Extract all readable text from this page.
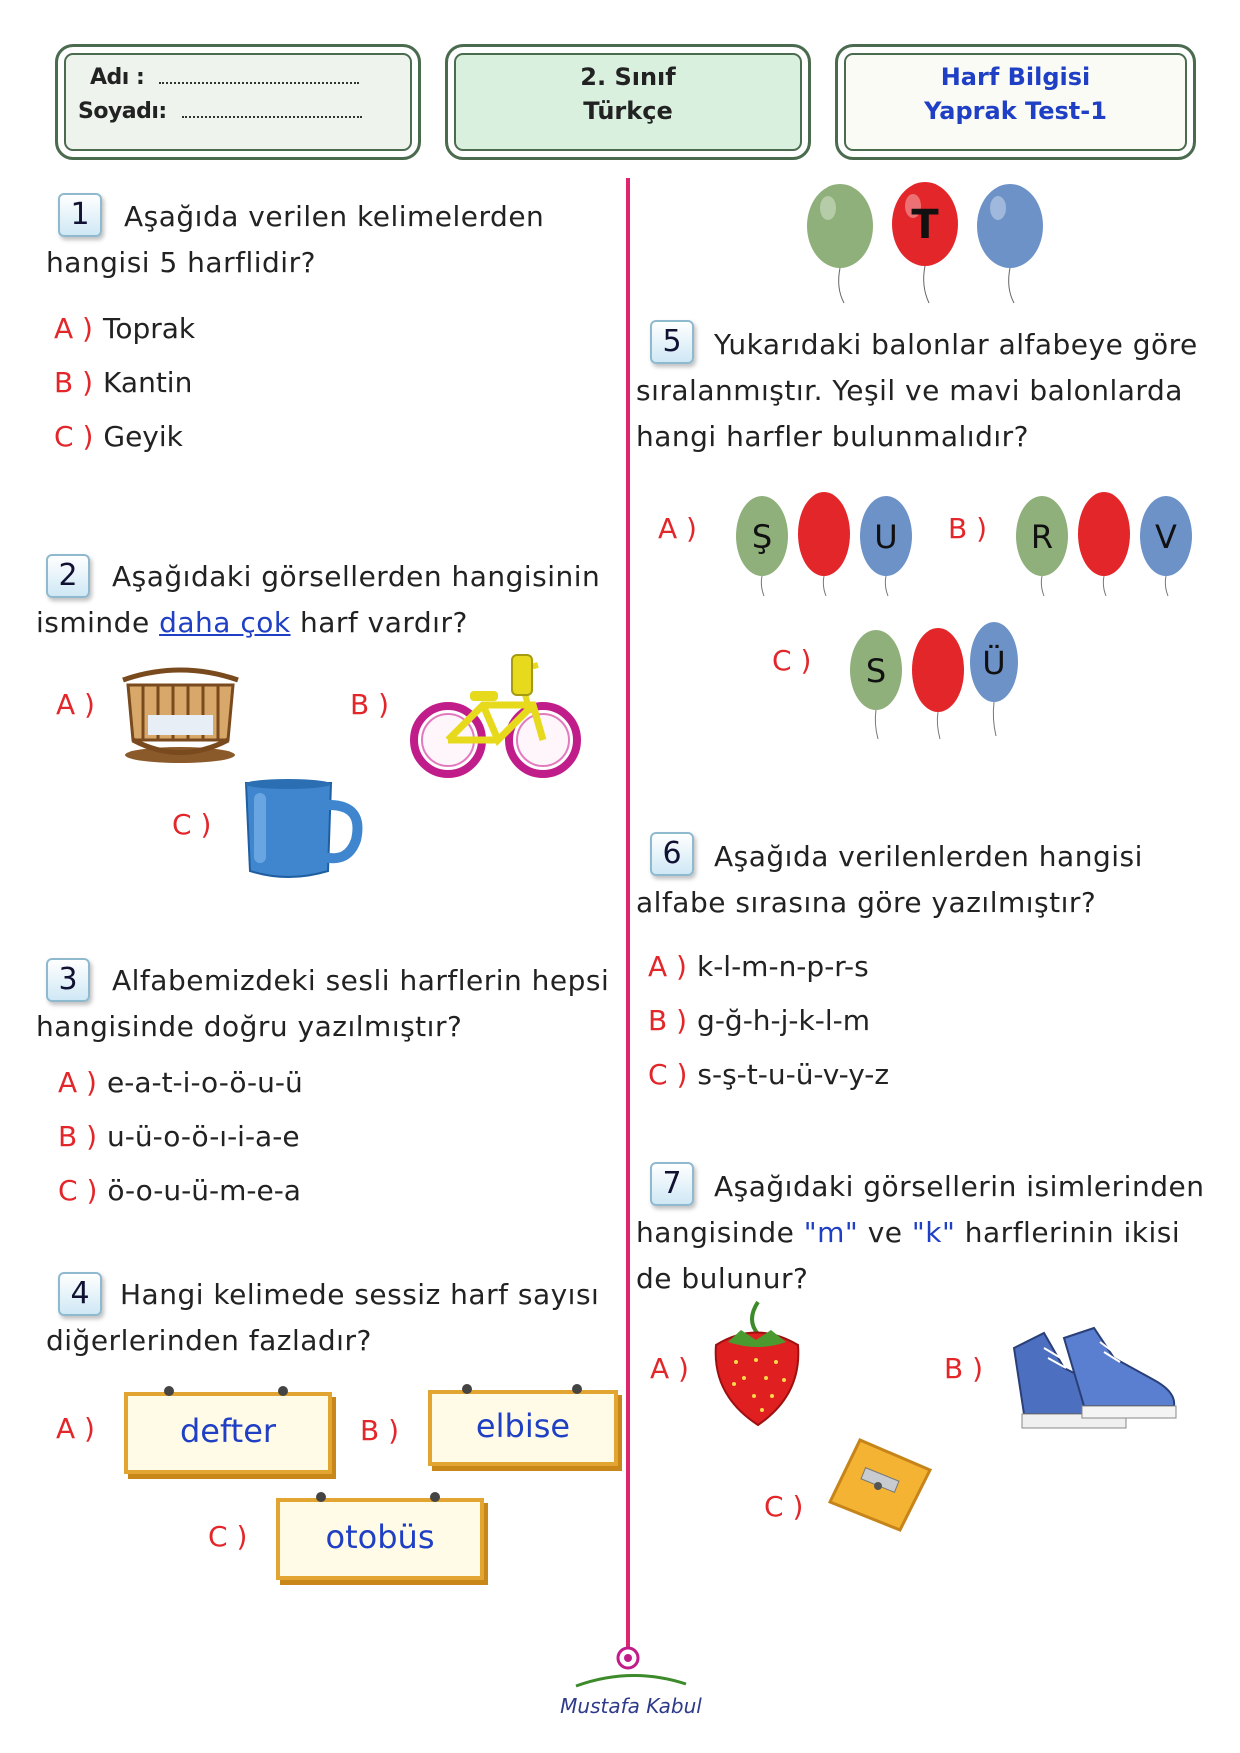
Adı :
Soyadı:
2. Sınıf
Türkçe
Harf Bilgisi
Yaprak Test-1
1	Aşağıda verilen kelimelerden
hangisi 5 harflidir?
A ) Toprak
B ) Kantin
C ) Geyik
2	Aşağıdaki görsellerden hangisinin
isminde daha çok harf vardır?
A )	B )
C )
3	Alfabemizdeki sesli harflerin hepsi
hangisinde doğru yazılmıştır?
A ) e-a-t-i-o-ö-u-ü
B ) u-ü-o-ö-ı-i-a-e
C ) ö-o-u-ü-m-e-a
4	Hangi kelimede sessiz harf sayısı
diğerlerinden fazladır?
A )	defter	B )	elbise
C )	otobüs
T
5	Yukarıdaki balonlar alfabeye göre
sıralanmıştır. Yeşil ve mavi balonlarda
hangi harfler bulunmalıdır?
A ) Ş	U B ) R	V
C ) S	Ü
6	Aşağıda verilenlerden hangisi
alfabe sırasına göre yazılmıştır?
A ) k-l-m-n-p-r-s
B ) g-ğ-h-j-k-l-m
C ) s-ş-t-u-ü-v-y-z
7	Aşağıdaki görsellerin isimlerinden
hangisinde "m" ve "k" harflerinin ikisi
de bulunur?
A )	B )
C )
Mustafa Kabul
